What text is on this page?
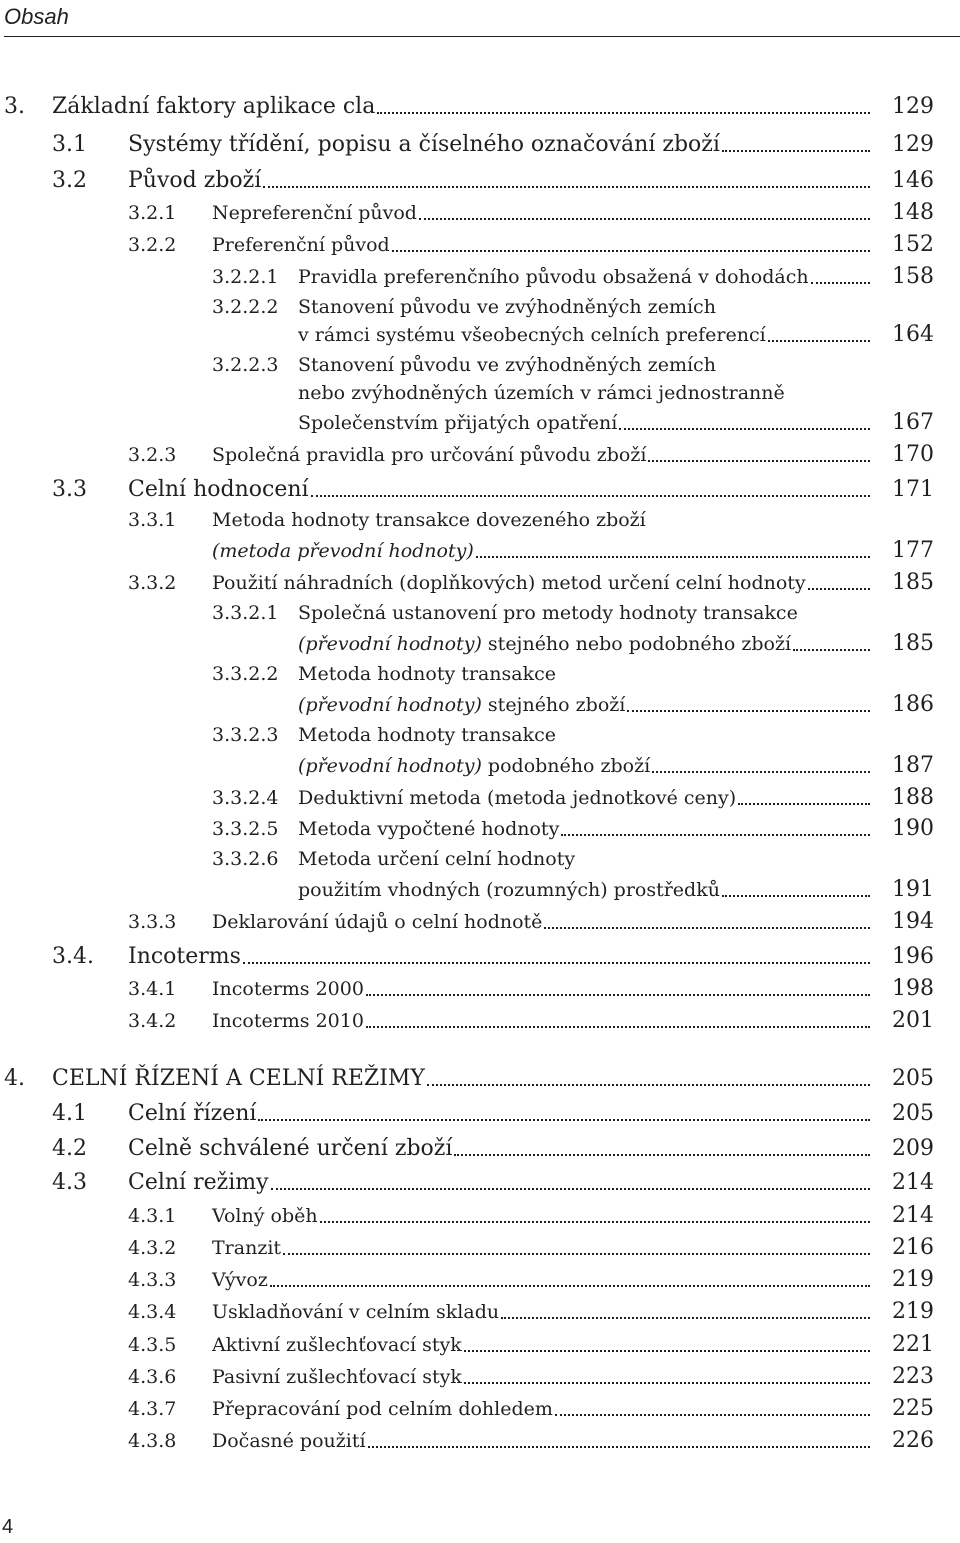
Obsah
3. Základní faktory aplikace cla	129
3.1 Systémy třídění, popisu a číselného označování zboží	129
3.2 Původ zboží	146
3.2.1 Nepreferenční původ	148
3.2.2 Preferenční původ	152
3.2.2.1 Pravidla preferenčního původu obsažená v dohodách	158
3.2.2.2 Stanovení původu ve zvýhodněných zemích
v rámci systému všeobecných celních preferencí	164
3.2.2.3 Stanovení původu ve zvýhodněných zemích
nebo zvýhodněných územích v rámci jednostranně
Společenstvím přijatých opatření	167
3.2.3 Společná pravidla pro určování původu zboží	170
3.3 Celní hodnocení	171
3.3.1 Metoda hodnoty transakce dovezeného zboží
(metoda převodní hodnoty)	177
3.3.2 Použití náhradních (doplňkových) metod určení celní hodnoty	185
3.3.2.1 Společná ustanovení pro metody hodnoty transakce
(převodní hodnoty) stejného nebo podobného zboží	185
3.3.2.2 Metoda hodnoty transakce
(převodní hodnoty) stejného zboží	186
3.3.2.3 Metoda hodnoty transakce
(převodní hodnoty) podobného zboží	187
3.3.2.4 Deduktivní metoda (metoda jednotkové ceny)	188
3.3.2.5 Metoda vypočtené hodnoty	190
3.3.2.6 Metoda určení celní hodnoty
použitím vhodných (rozumných) prostředků	191
3.3.3 Deklarování údajů o celní hodnotě	194
3.4. Incoterms	196
3.4.1 Incoterms 2000	198
3.4.2 Incoterms 2010	201
4. CELNÍ ŘÍZENÍ A CELNÍ REŽIMY	205
4.1 Celní řízení	205
4.2 Celně schválené určení zboží	209
4.3 Celní režimy	214
4.3.1 Volný oběh	214
4.3.2 Tranzit	216
4.3.3 Vývoz	219
4.3.4 Uskladňování v celním skladu	219
4.3.5 Aktivní zušlechťovací styk	221
4.3.6 Pasivní zušlechťovací styk	223
4.3.7 Přepracování pod celním dohledem	225
4.3.8 Dočasné použití	226
4
